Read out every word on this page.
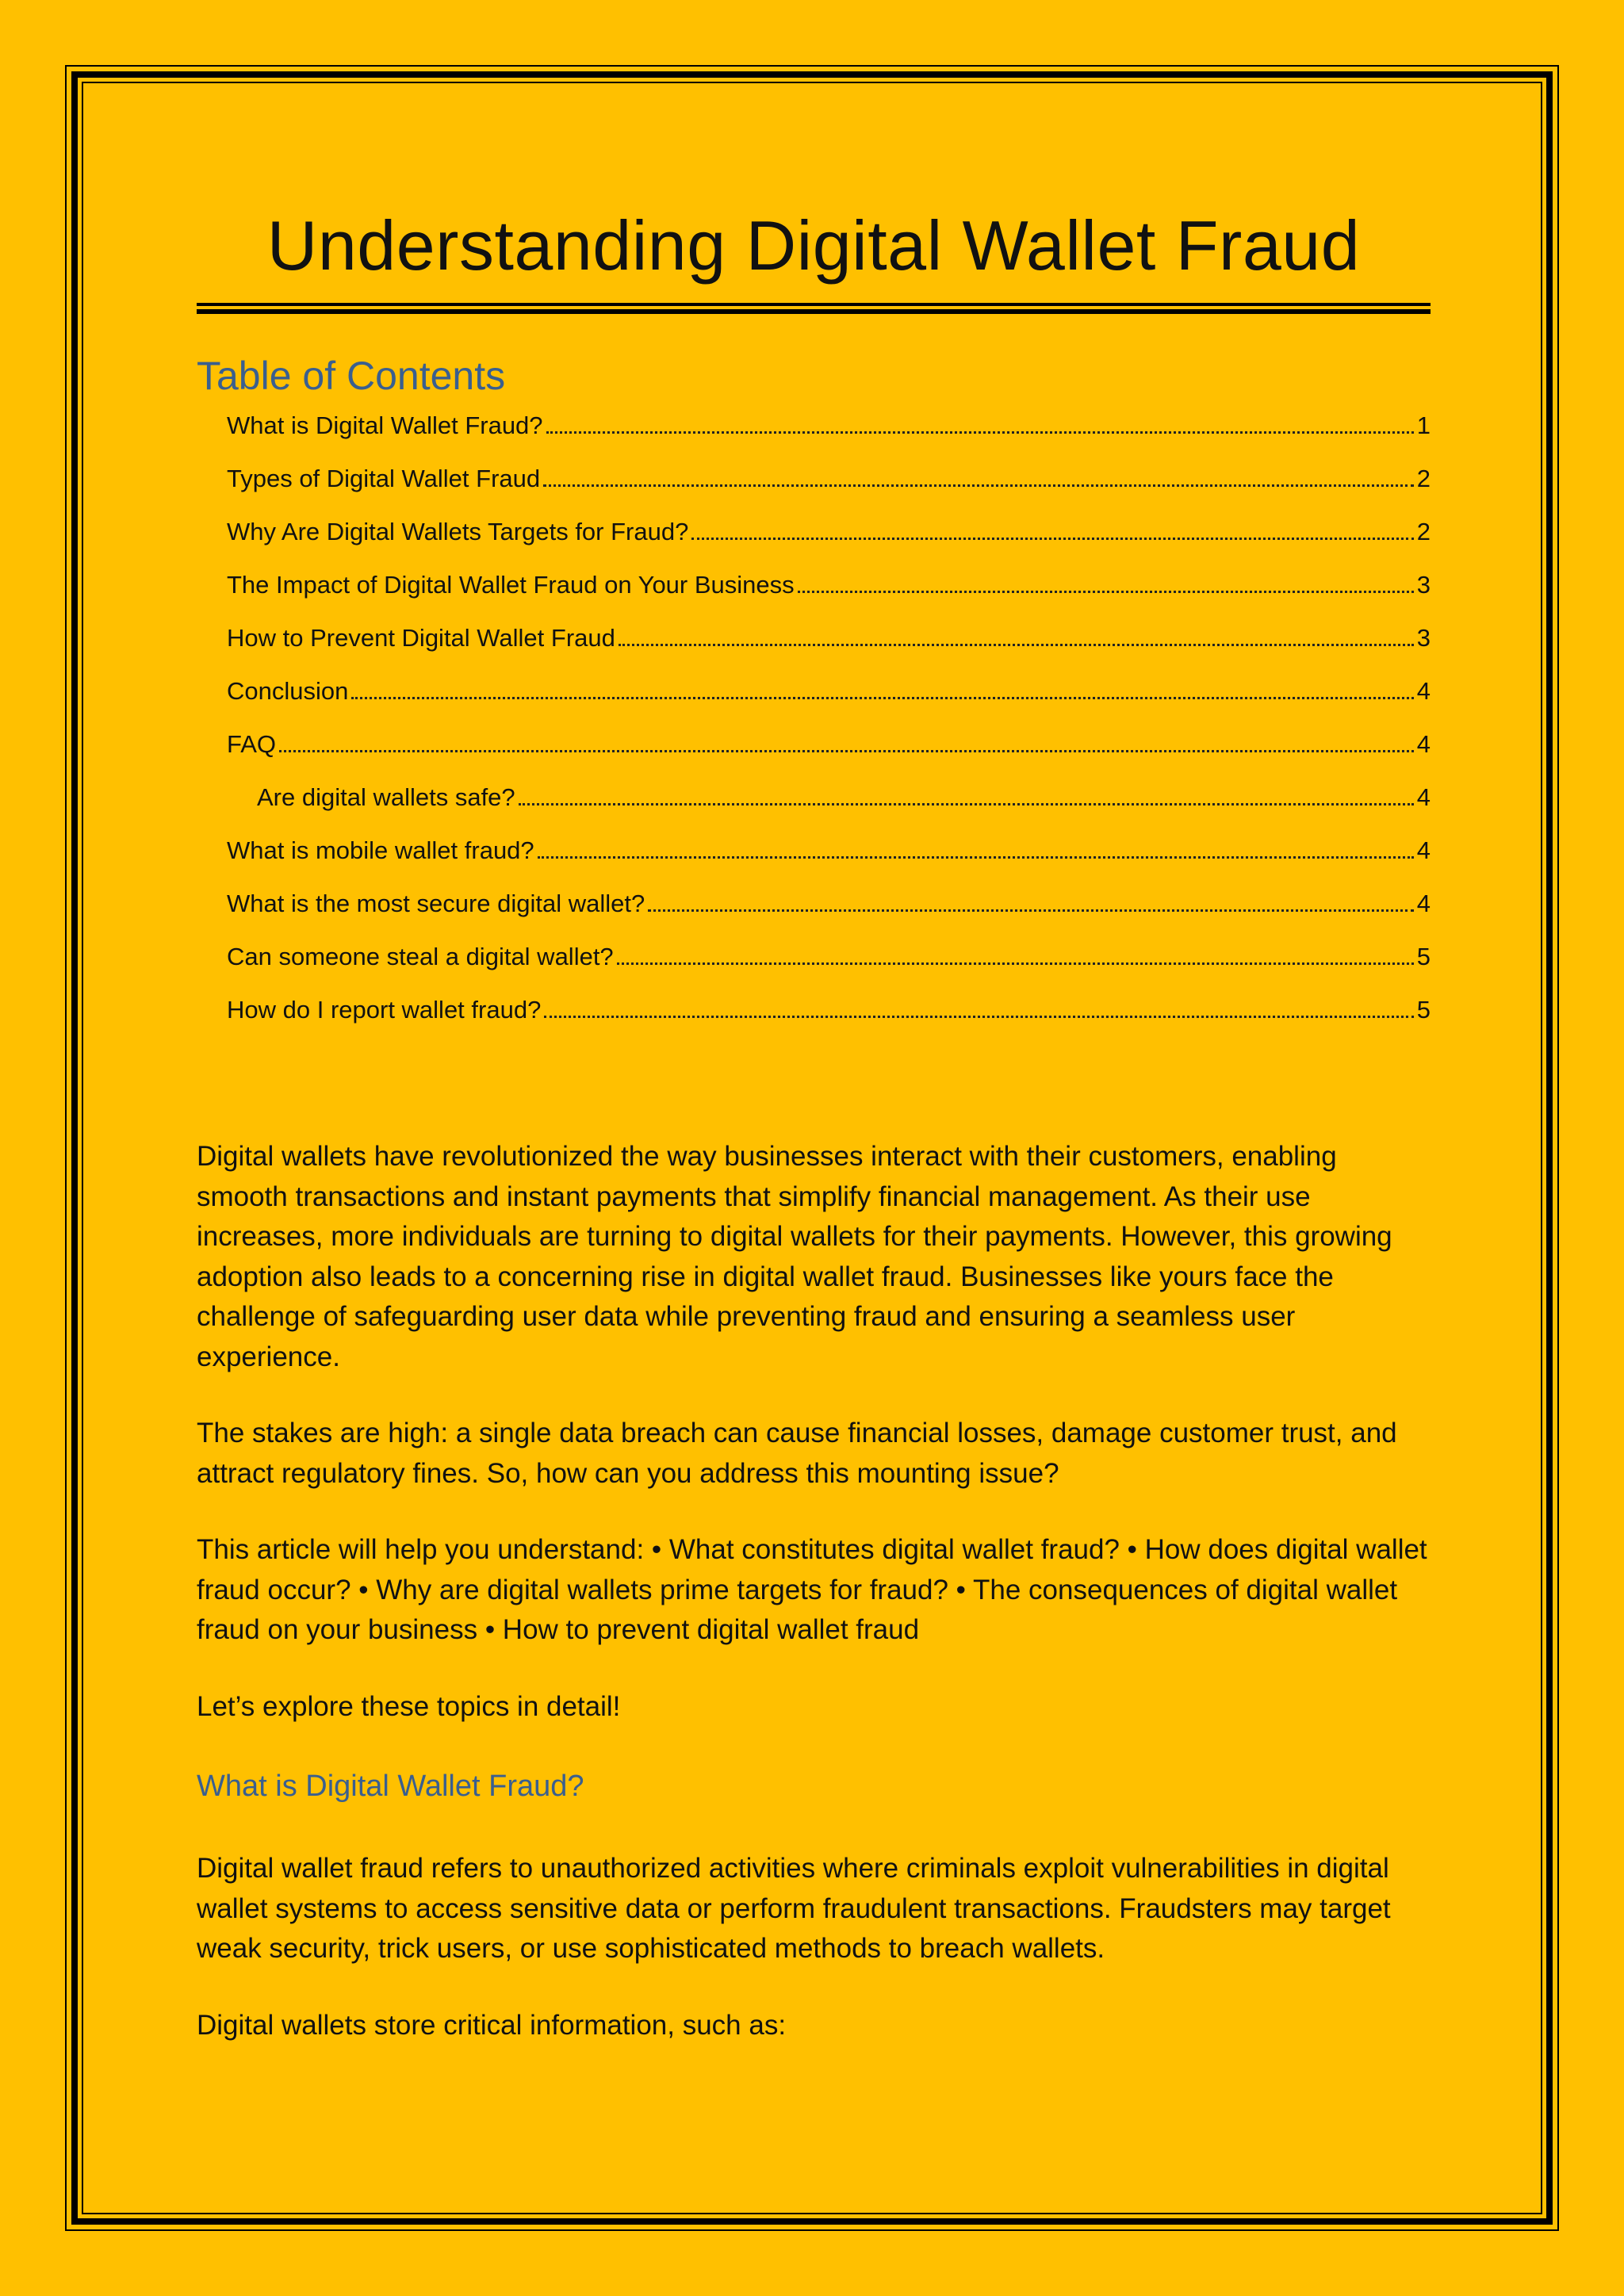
Understanding Digital Wallet Fraud
Table of Contents
What is Digital Wallet Fraud?	1
Types of Digital Wallet Fraud	2
Why Are Digital Wallets Targets for Fraud?	2
The Impact of Digital Wallet Fraud on Your Business	3
How to Prevent Digital Wallet Fraud	3
Conclusion	4
FAQ	4
Are digital wallets safe?	4
What is mobile wallet fraud?	4
What is the most secure digital wallet?	4
Can someone steal a digital wallet?	5
How do I report wallet fraud?	5

Digital wallets have revolutionized the way businesses interact with their customers, enabling smooth transactions and instant payments that simplify financial management. As their use increases, more individuals are turning to digital wallets for their payments. However, this growing adoption also leads to a concerning rise in digital wallet fraud. Businesses like yours face the challenge of safeguarding user data while preventing fraud and ensuring a seamless user experience.

The stakes are high: a single data breach can cause financial losses, damage customer trust, and attract regulatory fines. So, how can you address this mounting issue?

This article will help you understand: • What constitutes digital wallet fraud? • How does digital wallet fraud occur? • Why are digital wallets prime targets for fraud? • The consequences of digital wallet fraud on your business • How to prevent digital wallet fraud

Let’s explore these topics in detail!

What is Digital Wallet Fraud?

Digital wallet fraud refers to unauthorized activities where criminals exploit vulnerabilities in digital wallet systems to access sensitive data or perform fraudulent transactions. Fraudsters may target weak security, trick users, or use sophisticated methods to breach wallets.

Digital wallets store critical information, such as:
